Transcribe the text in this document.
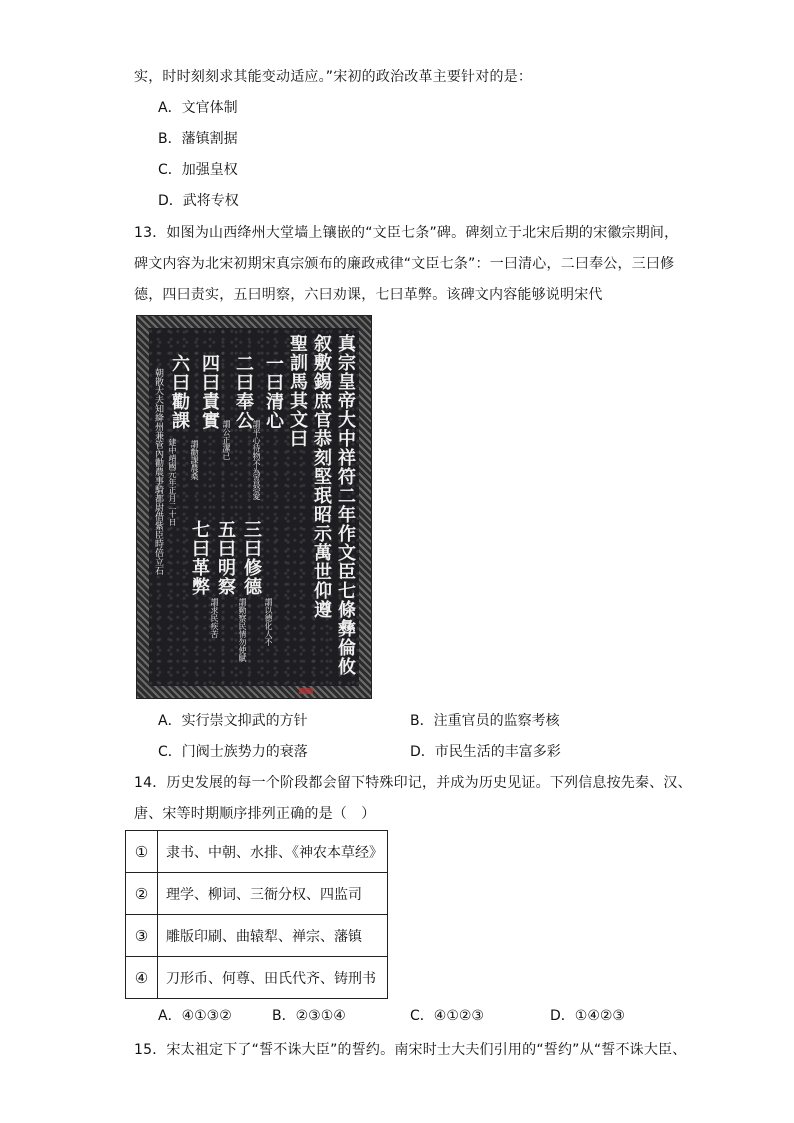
实，时时刻刻求其能变动适应。”宋初的政治改革主要针对的是：
A．文官体制
B．藩镇割据
C．加强皇权
D．武将专权
13．如图为山西绛州大堂墙上镶嵌的“文臣七条”碑。碑刻立于北宋后期的宋徽宗期间，
碑文内容为北宋初期宋真宗颁布的廉政戒律“文臣七条”：一曰清心，二曰奉公，三曰修
德，四曰责实，五曰明察，六曰劝课，七曰革弊。该碑文内容能够说明宋代
真宗皇帝大中祥符二年作文臣七條彝倫攸
叙敷錫庶官恭刻堅珉昭示萬世仰遵
聖訓馬其文曰
一曰清心
謂平心待物不為喜怒愛
二曰奉公
謂公正潔已
四曰責實
六曰勸課
謂勸課農桑
三曰修德
謂以德化人不
五曰明察
謂勤察民情勿使賦
七曰革弊
謂求民疾苦
建中靖國元年正月二十日
朝散大夫知絳州兼管內勸農事騎都尉借紫臣時倍立石
A．实行崇文抑武的方针	B．注重官员的监察考核
C．门阀士族势力的衰落	D．市民生活的丰富多彩
14．历史发展的每一个阶段都会留下特殊印记，并成为历史见证。下列信息按先秦、汉、
唐、宋等时期顺序排列正确的是（　）
①	隶书、中朝、水排、《神农本草经》
②	理学、柳词、三衙分权、四监司
③	雕版印刷、曲辕犁、禅宗、藩镇
④	刀形币、何尊、田氏代齐、铸刑书
A．④①③②	B．②③①④	C．④①②③	D．①④②③
15．宋太祖定下了“誓不诛大臣”的誓约。南宋时士大夫们引用的“誓约”从“誓不诛大臣、
